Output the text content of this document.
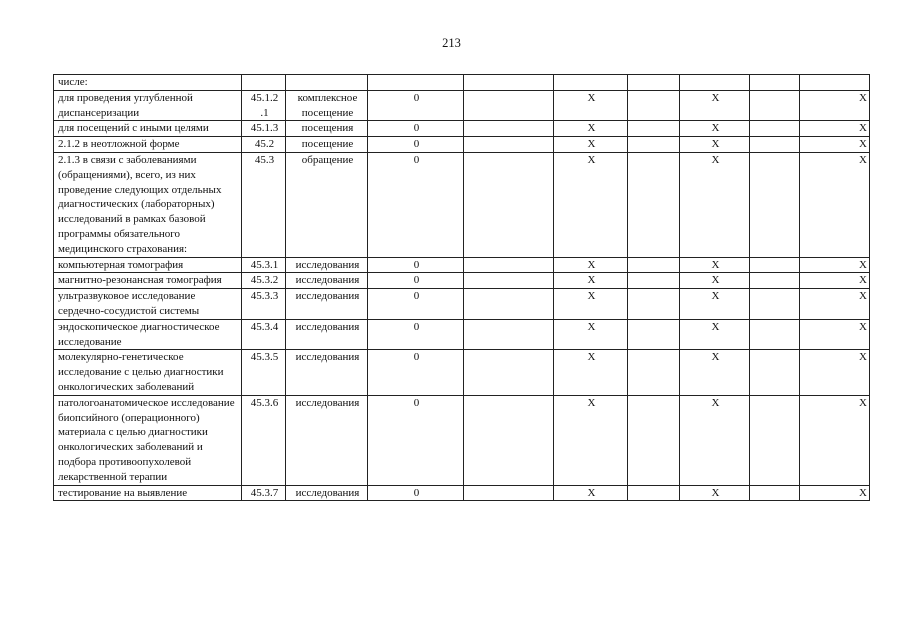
213
числе:									
для проведения углубленной диспансеризации	45.1.2 .1	комплексное посещение	0		X		X		X
для посещений с иными целями	45.1.3	посещения	0		X		X		X
2.1.2 в неотложной форме	45.2	посещение	0		X		X		X
2.1.3 в связи с заболеваниями (обращениями), всего, из них проведение следующих отдельных диагностических (лабораторных) исследований в рамках базовой программы обязательного медицинского страхования:	45.3	обращение	0		X		X		X
компьютерная томография	45.3.1	исследования	0		X		X		X
магнитно-резонансная томография	45.3.2	исследования	0		X		X		X
ультразвуковое исследование сердечно-сосудистой системы	45.3.3	исследования	0		X		X		X
эндоскопическое диагностическое исследование	45.3.4	исследования	0		X		X		X
молекулярно-генетическое исследование с целью диагностики онкологических заболеваний	45.3.5	исследования	0		X		X		X
патологоанатомическое исследование биопсийного (операционного) материала с целью диагностики онкологических заболеваний и подбора противоопухолевой лекарственной терапии	45.3.6	исследования	0		X		X		X
тестирование на выявление	45.3.7	исследования	0		X		X		X
